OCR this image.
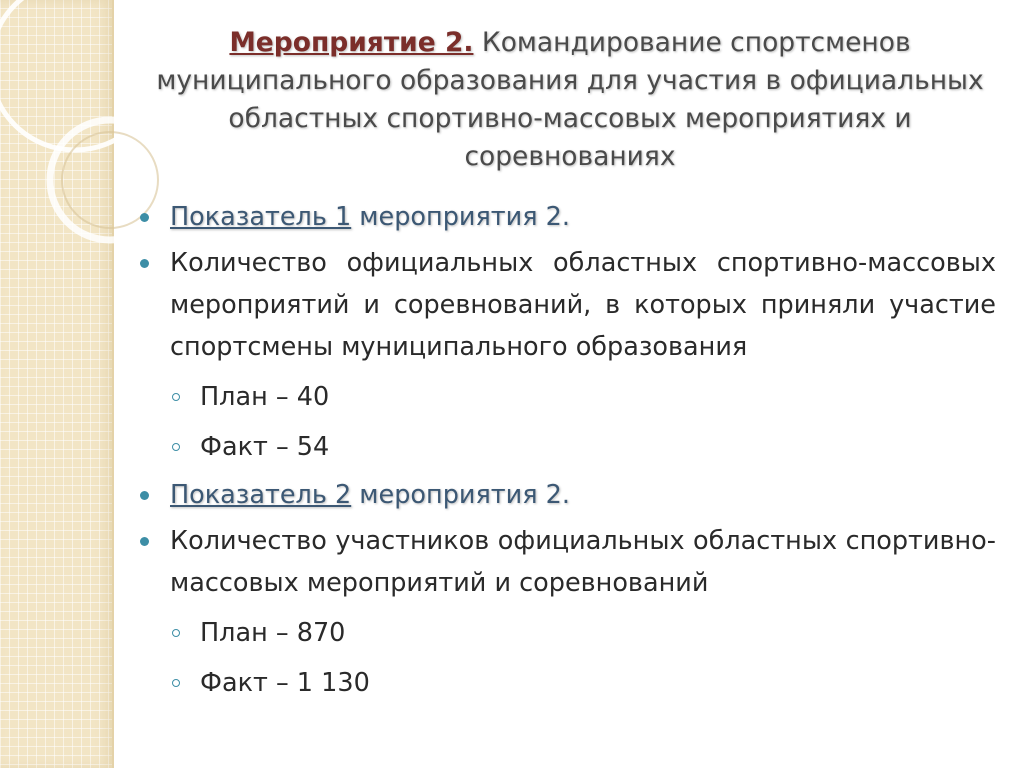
Мероприятие 2. Командирование спортсменов муниципального образования для участия в официальных областных спортивно-массовых мероприятиях и соревнованиях
Показатель 1 мероприятия 2.
Количество официальных областных спортивно-массовых мероприятий и соревнований, в которых приняли участие спортсмены муниципального образования
План – 40
Факт – 54
Показатель 2 мероприятия 2.
Количество участников официальных областных спортивно-массовых мероприятий и соревнований
План – 870
Факт – 1 130
